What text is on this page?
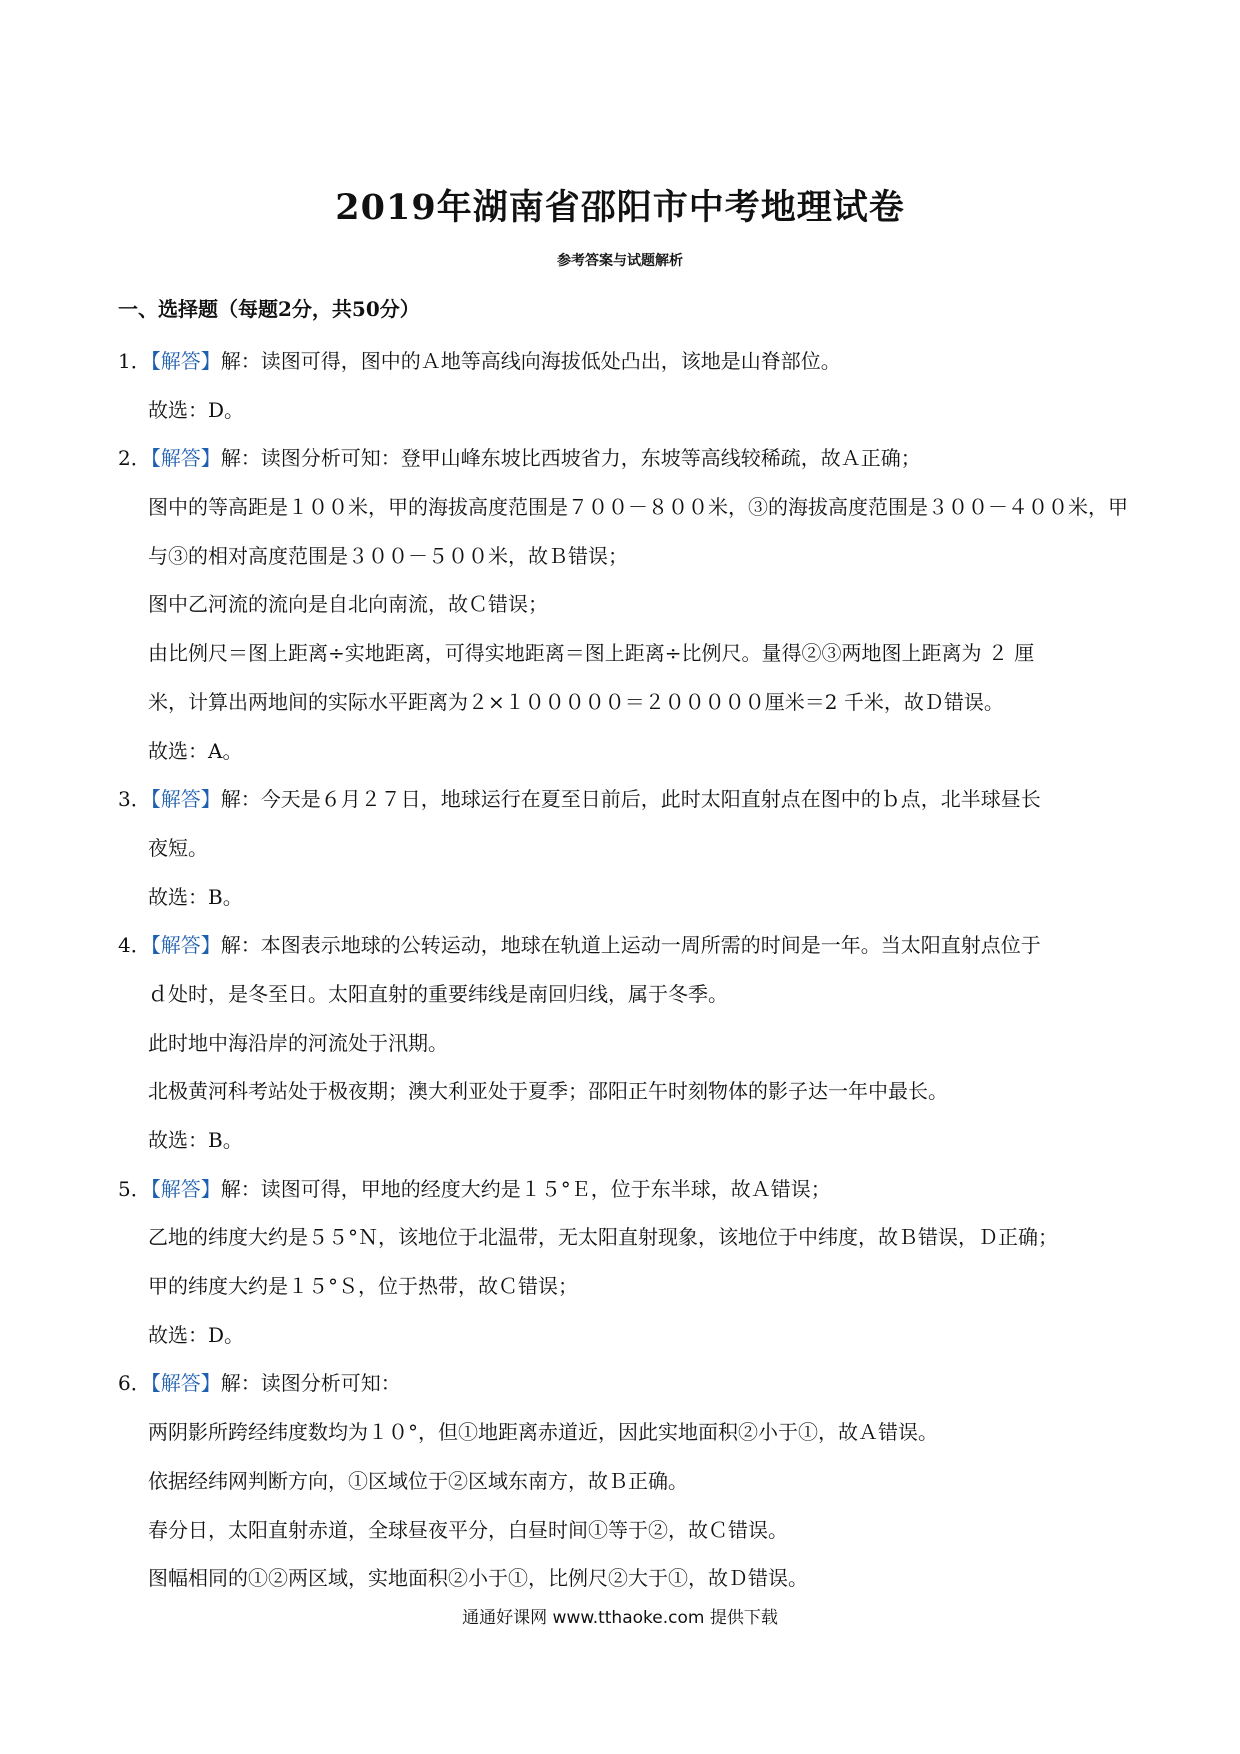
2019年湖南省邵阳市中考地理试卷
参考答案与试题解析
一、选择题（每题2分，共50分）
1．【解答】解：读图可得，图中的Ａ地等高线向海拔低处凸出，该地是山脊部位。
故选：D。
2．【解答】解：读图分析可知：登甲山峰东坡比西坡省力，东坡等高线较稀疏，故Ａ正确；
图中的等高距是１００米，甲的海拔高度范围是７００－８００米，③的海拔高度范围是３００－４００米，甲
与③的相对高度范围是３００－５００米，故Ｂ错误；
图中乙河流的流向是自北向南流，故Ｃ错误；
由比例尺＝图上距离÷实地距离，可得实地距离＝图上距离÷比例尺。量得②③两地图上距离为 ２ 厘
米，计算出两地间的实际水平距离为２×１０００００＝２０００００厘米＝2 千米，故Ｄ错误。
故选：A。
3．【解答】解：今天是６月２７日，地球运行在夏至日前后，此时太阳直射点在图中的ｂ点，北半球昼长
夜短。
故选：B。
4．【解答】解：本图表示地球的公转运动，地球在轨道上运动一周所需的时间是一年。当太阳直射点位于
ｄ处时，是冬至日。太阳直射的重要纬线是南回归线，属于冬季。
此时地中海沿岸的河流处于汛期。
北极黄河科考站处于极夜期；澳大利亚处于夏季；邵阳正午时刻物体的影子达一年中最长。
故选：B。
5．【解答】解：读图可得，甲地的经度大约是１５°Ｅ，位于东半球，故Ａ错误；
乙地的纬度大约是５５°Ｎ，该地位于北温带，无太阳直射现象，该地位于中纬度，故Ｂ错误，Ｄ正确；
甲的纬度大约是１５°Ｓ，位于热带，故Ｃ错误；
故选：D。
6．【解答】解：读图分析可知：
两阴影所跨经纬度数均为１０°，但①地距离赤道近，因此实地面积②小于①，故Ａ错误。
依据经纬网判断方向，①区域位于②区域东南方，故Ｂ正确。
春分日，太阳直射赤道，全球昼夜平分，白昼时间①等于②，故Ｃ错误。
图幅相同的①②两区域，实地面积②小于①，比例尺②大于①，故Ｄ错误。
通通好课网 www.tthaoke.com 提供下载
